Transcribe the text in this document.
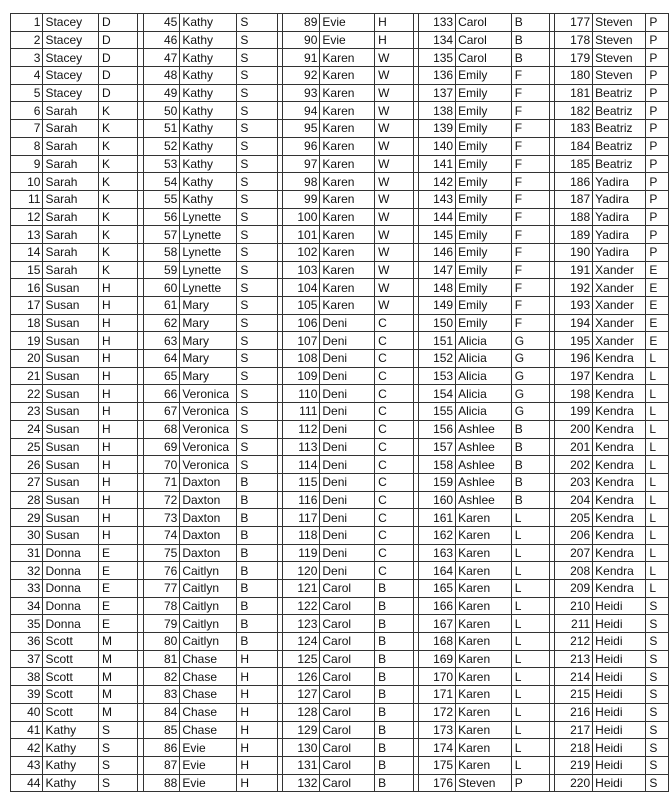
1	Stacey	D		45	Kathy	S		89	Evie	H		133	Carol	B		177	Steven	P
2	Stacey	D		46	Kathy	S		90	Evie	H		134	Carol	B		178	Steven	P
3	Stacey	D		47	Kathy	S		91	Karen	W		135	Carol	B		179	Steven	P
4	Stacey	D		48	Kathy	S		92	Karen	W		136	Emily	F		180	Steven	P
5	Stacey	D		49	Kathy	S		93	Karen	W		137	Emily	F		181	Beatriz	P
6	Sarah	K		50	Kathy	S		94	Karen	W		138	Emily	F		182	Beatriz	P
7	Sarah	K		51	Kathy	S		95	Karen	W		139	Emily	F		183	Beatriz	P
8	Sarah	K		52	Kathy	S		96	Karen	W		140	Emily	F		184	Beatriz	P
9	Sarah	K		53	Kathy	S		97	Karen	W		141	Emily	F		185	Beatriz	P
10	Sarah	K		54	Kathy	S		98	Karen	W		142	Emily	F		186	Yadira	P
11	Sarah	K		55	Kathy	S		99	Karen	W		143	Emily	F		187	Yadira	P
12	Sarah	K		56	Lynette	S		100	Karen	W		144	Emily	F		188	Yadira	P
13	Sarah	K		57	Lynette	S		101	Karen	W		145	Emily	F		189	Yadira	P
14	Sarah	K		58	Lynette	S		102	Karen	W		146	Emily	F		190	Yadira	P
15	Sarah	K		59	Lynette	S		103	Karen	W		147	Emily	F		191	Xander	E
16	Susan	H		60	Lynette	S		104	Karen	W		148	Emily	F		192	Xander	E
17	Susan	H		61	Mary	S		105	Karen	W		149	Emily	F		193	Xander	E
18	Susan	H		62	Mary	S		106	Deni	C		150	Emily	F		194	Xander	E
19	Susan	H		63	Mary	S		107	Deni	C		151	Alicia	G		195	Xander	E
20	Susan	H		64	Mary	S		108	Deni	C		152	Alicia	G		196	Kendra	L
21	Susan	H		65	Mary	S		109	Deni	C		153	Alicia	G		197	Kendra	L
22	Susan	H		66	Veronica	S		110	Deni	C		154	Alicia	G		198	Kendra	L
23	Susan	H		67	Veronica	S		111	Deni	C		155	Alicia	G		199	Kendra	L
24	Susan	H		68	Veronica	S		112	Deni	C		156	Ashlee	B		200	Kendra	L
25	Susan	H		69	Veronica	S		113	Deni	C		157	Ashlee	B		201	Kendra	L
26	Susan	H		70	Veronica	S		114	Deni	C		158	Ashlee	B		202	Kendra	L
27	Susan	H		71	Daxton	B		115	Deni	C		159	Ashlee	B		203	Kendra	L
28	Susan	H		72	Daxton	B		116	Deni	C		160	Ashlee	B		204	Kendra	L
29	Susan	H		73	Daxton	B		117	Deni	C		161	Karen	L		205	Kendra	L
30	Susan	H		74	Daxton	B		118	Deni	C		162	Karen	L		206	Kendra	L
31	Donna	E		75	Daxton	B		119	Deni	C		163	Karen	L		207	Kendra	L
32	Donna	E		76	Caitlyn	B		120	Deni	C		164	Karen	L		208	Kendra	L
33	Donna	E		77	Caitlyn	B		121	Carol	B		165	Karen	L		209	Kendra	L
34	Donna	E		78	Caitlyn	B		122	Carol	B		166	Karen	L		210	Heidi	S
35	Donna	E		79	Caitlyn	B		123	Carol	B		167	Karen	L		211	Heidi	S
36	Scott	M		80	Caitlyn	B		124	Carol	B		168	Karen	L		212	Heidi	S
37	Scott	M		81	Chase	H		125	Carol	B		169	Karen	L		213	Heidi	S
38	Scott	M		82	Chase	H		126	Carol	B		170	Karen	L		214	Heidi	S
39	Scott	M		83	Chase	H		127	Carol	B		171	Karen	L		215	Heidi	S
40	Scott	M		84	Chase	H		128	Carol	B		172	Karen	L		216	Heidi	S
41	Kathy	S		85	Chase	H		129	Carol	B		173	Karen	L		217	Heidi	S
42	Kathy	S		86	Evie	H		130	Carol	B		174	Karen	L		218	Heidi	S
43	Kathy	S		87	Evie	H		131	Carol	B		175	Karen	L		219	Heidi	S
44	Kathy	S		88	Evie	H		132	Carol	B		176	Steven	P		220	Heidi	S
